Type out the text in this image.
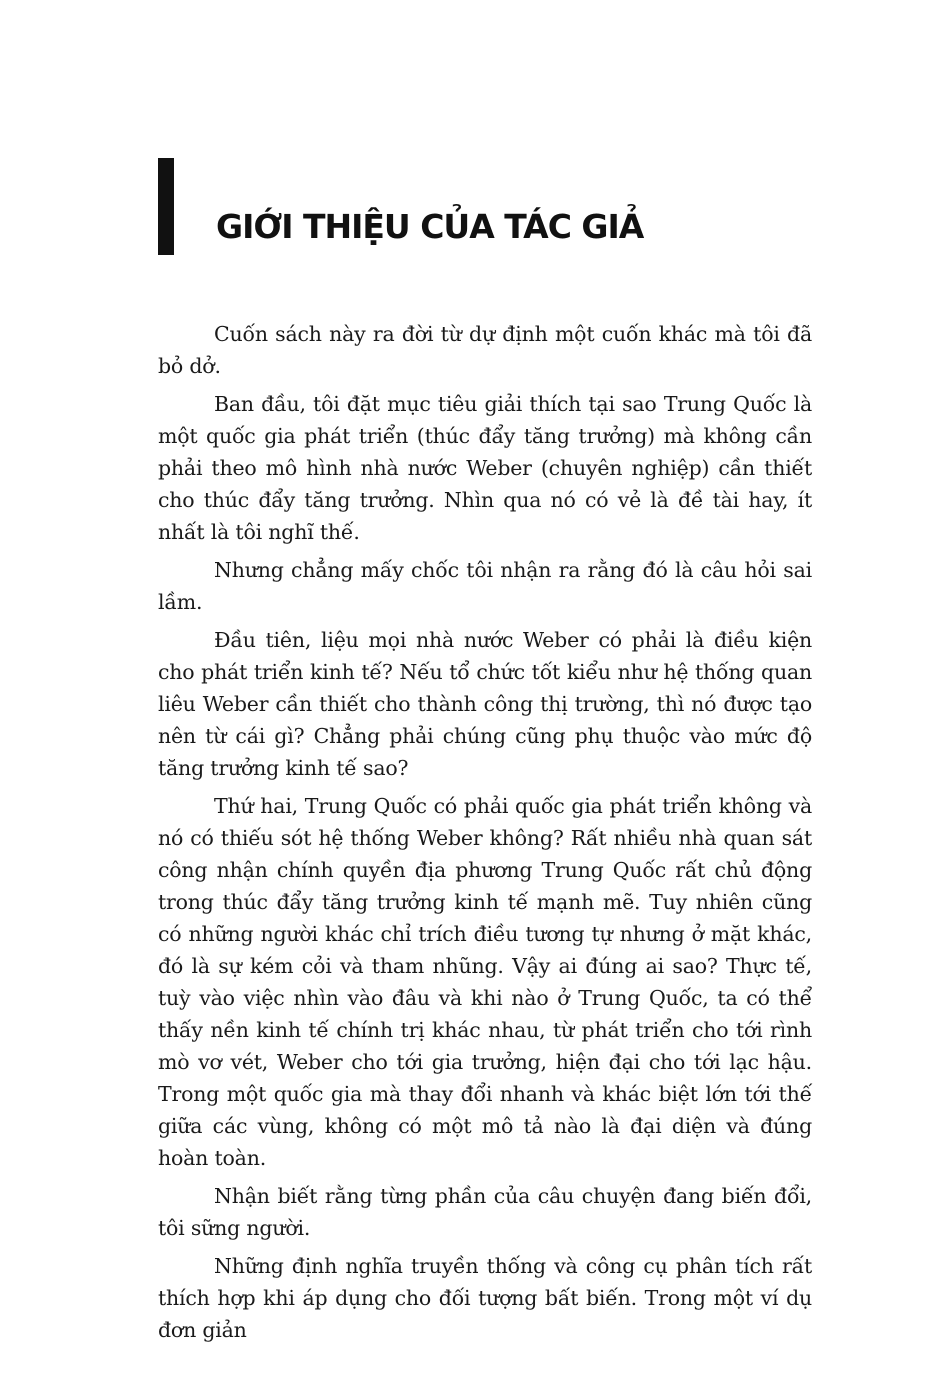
GIỚI THIỆU CỦA TÁC GIẢ

Cuốn sách này ra đời từ dự định một cuốn khác mà tôi đã bỏ dở.

Ban đầu, tôi đặt mục tiêu giải thích tại sao Trung Quốc là một quốc gia phát triển (thúc đẩy tăng trưởng) mà không cần phải theo mô hình nhà nước Weber (chuyên nghiệp) cần thiết cho thúc đẩy tăng trưởng. Nhìn qua nó có vẻ là đề tài hay, ít nhất là tôi nghĩ thế.

Nhưng chẳng mấy chốc tôi nhận ra rằng đó là câu hỏi sai lầm.

Đầu tiên, liệu mọi nhà nước Weber có phải là điều kiện cho phát triển kinh tế? Nếu tổ chức tốt kiểu như hệ thống quan liêu Weber cần thiết cho thành công thị trường, thì nó được tạo nên từ cái gì? Chẳng phải chúng cũng phụ thuộc vào mức độ tăng trưởng kinh tế sao?

Thứ hai, Trung Quốc có phải quốc gia phát triển không và nó có thiếu sót hệ thống Weber không? Rất nhiều nhà quan sát công nhận chính quyền địa phương Trung Quốc rất chủ động trong thúc đẩy tăng trưởng kinh tế mạnh mẽ. Tuy nhiên cũng có những người khác chỉ trích điều tương tự nhưng ở mặt khác, đó là sự kém cỏi và tham nhũng. Vậy ai đúng ai sao? Thực tế, tuỳ vào việc nhìn vào đâu và khi nào ở Trung Quốc, ta có thể thấy nền kinh tế chính trị khác nhau, từ phát triển cho tới rình mò vơ vét, Weber cho tới gia trưởng, hiện đại cho tới lạc hậu. Trong một quốc gia mà thay đổi nhanh và khác biệt lớn tới thế giữa các vùng, không có một mô tả nào là đại diện và đúng hoàn toàn.

Nhận biết rằng từng phần của câu chuyện đang biến đổi, tôi sững người.

Những định nghĩa truyền thống và công cụ phân tích rất thích hợp khi áp dụng cho đối tượng bất biến. Trong một ví dụ đơn giản
